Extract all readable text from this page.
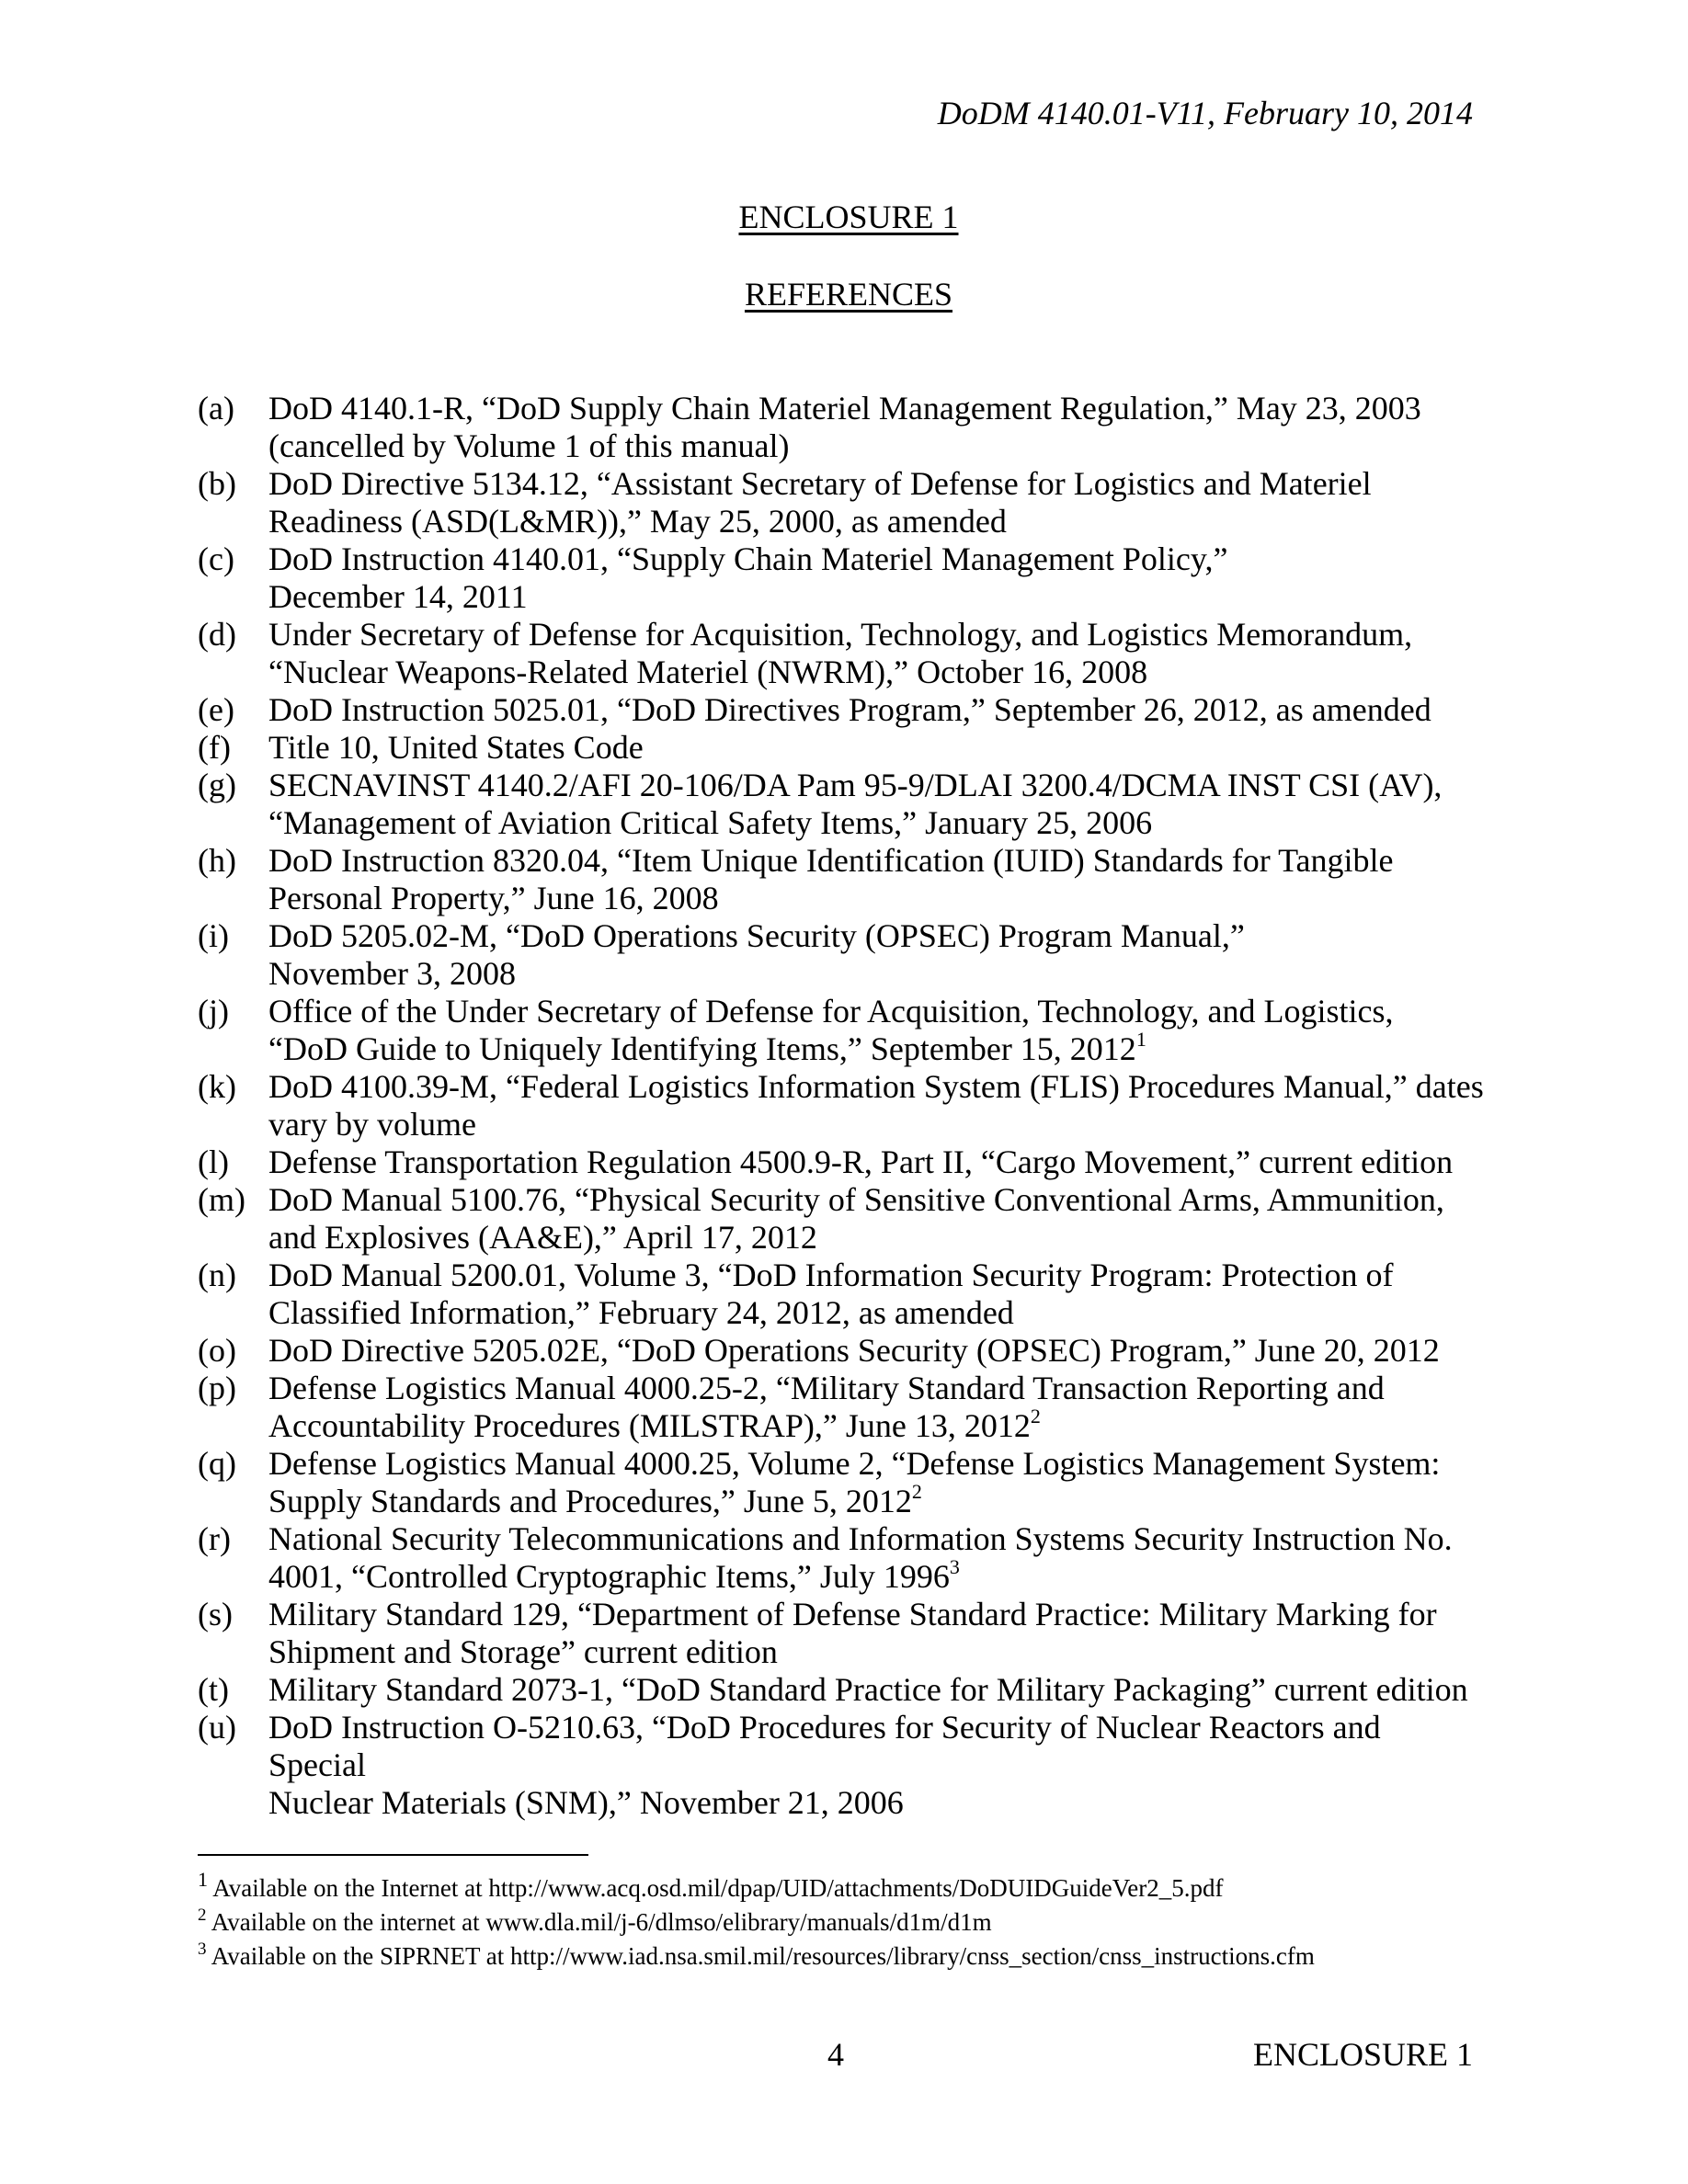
DoDM 4140.01-V11, February 10, 2014
ENCLOSURE 1
REFERENCES
(a)	DoD 4140.1-R, “DoD Supply Chain Materiel Management Regulation,” May 23, 2003
(cancelled by Volume 1 of this manual)
(b) DoD Directive 5134.12, “Assistant Secretary of Defense for Logistics and Materiel
Readiness (ASD(L&MR)),” May 25, 2000, as amended
(c)	DoD Instruction 4140.01, “Supply Chain Materiel Management Policy,”
December 14, 2011
(d) Under Secretary of Defense for Acquisition, Technology, and Logistics Memorandum,
“Nuclear Weapons-Related Materiel (NWRM),” October 16, 2008
(e)	DoD Instruction 5025.01, “DoD Directives Program,” September 26, 2012, as amended
(f)	Title 10, United States Code
(g) SECNAVINST 4140.2/AFI 20-106/DA Pam 95-9/DLAI 3200.4/DCMA INST CSI (AV),
“Management of Aviation Critical Safety Items,” January 25, 2006
(h) DoD Instruction 8320.04, “Item Unique Identification (IUID) Standards for Tangible
Personal Property,” June 16, 2008
(i)	DoD 5205.02-M, “DoD Operations Security (OPSEC) Program Manual,”
November 3, 2008
(j)	Office of the Under Secretary of Defense for Acquisition, Technology, and Logistics,
“DoD Guide to Uniquely Identifying Items,” September 15, 2012$^1$
(k) DoD 4100.39-M, “Federal Logistics Information System (FLIS) Procedures Manual,” dates
vary by volume
(l)	Defense Transportation Regulation 4500.9-R, Part II, “Cargo Movement,” current edition
(m) DoD Manual 5100.76, “Physical Security of Sensitive Conventional Arms, Ammunition,
and Explosives (AA&E),” April 17, 2012
(n) DoD Manual 5200.01, Volume 3, “DoD Information Security Program: Protection of
Classified Information,” February 24, 2012, as amended
(o) DoD Directive 5205.02E, “DoD Operations Security (OPSEC) Program,” June 20, 2012
(p) Defense Logistics Manual 4000.25-2, “Military Standard Transaction Reporting and
Accountability Procedures (MILSTRAP),” June 13, 2012$^2$
(q) Defense Logistics Manual 4000.25, Volume 2, “Defense Logistics Management System:
Supply Standards and Procedures,” June 5, 2012$^2$
(r)	National Security Telecommunications and Information Systems Security Instruction No.
4001, “Controlled Cryptographic Items,” July 1996$^3$
(s)	Military Standard 129, “Department of Defense Standard Practice: Military Marking for
Shipment and Storage” current edition
(t)	Military Standard 2073-1, “DoD Standard Practice for Military Packaging” current edition
(u) DoD Instruction O-5210.63, “DoD Procedures for Security of Nuclear Reactors and Special
Nuclear Materials (SNM),” November 21, 2006
$^1$ Available on the Internet at http://www.acq.osd.mil/dpap/UID/attachments/DoDUIDGuideVer2_5.pdf
$^2$ Available on the internet at www.dla.mil/j-6/dlmso/elibrary/manuals/d1m/d1m
$^3$ Available on the SIPRNET at http://www.iad.nsa.smil.mil/resources/library/cnss_section/cnss_instructions.cfm
4	ENCLOSURE 1
